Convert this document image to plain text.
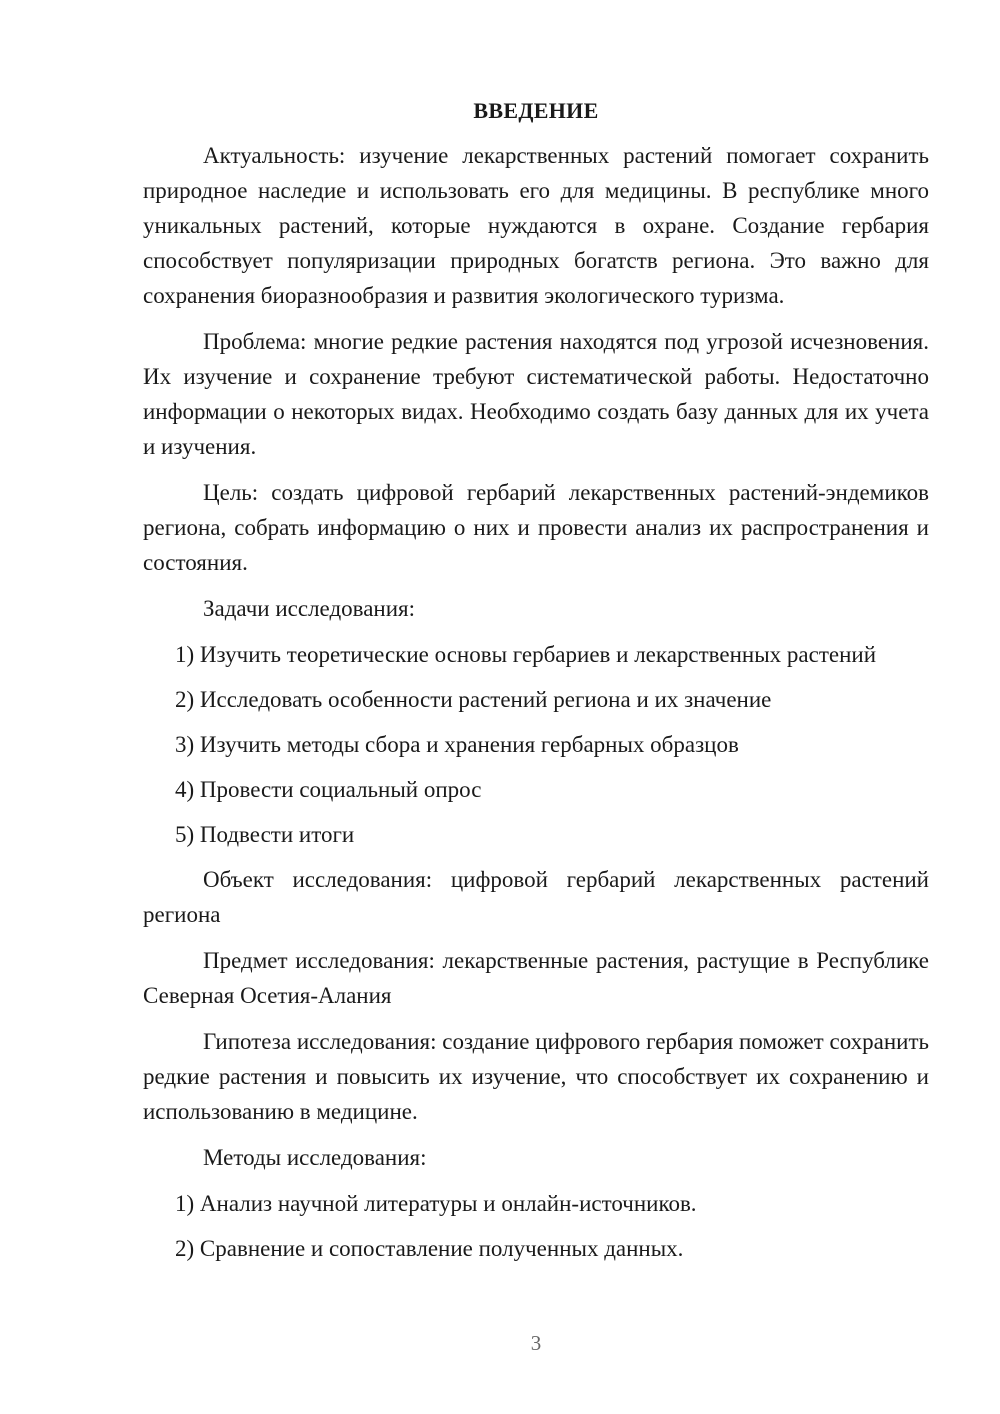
ВВЕДЕНИЕ

Актуальность: изучение лекарственных растений помогает сохранить природное наследие и использовать его для медицины. В республике много уникальных растений, которые нуждаются в охране. Создание гербария способствует популяризации природных богатств региона. Это важно для сохранения биоразнообразия и развития экологического туризма.

Проблема: многие редкие растения находятся под угрозой исчезновения. Их изучение и сохранение требуют систематической работы. Недостаточно информации о некоторых видах. Необходимо создать базу данных для их учета и изучения.

Цель: создать цифровой гербарий лекарственных растений-эндемиков региона, собрать информацию о них и провести анализ их распространения и состояния.

Задачи исследования:

1) Изучить теоретические основы гербариев и лекарственных растений

2) Исследовать особенности растений региона и их значение

3) Изучить методы сбора и хранения гербарных образцов

4) Провести социальный опрос

5) Подвести итоги

Объект исследования: цифровой гербарий лекарственных растений региона

Предмет исследования: лекарственные растения, растущие в Республике Северная Осетия-Алания

Гипотеза исследования: создание цифрового гербария поможет сохранить редкие растения и повысить их изучение, что способствует их сохранению и использованию в медицине.

Методы исследования:

1) Анализ научной литературы и онлайн-источников.

2) Сравнение и сопоставление полученных данных.

3
